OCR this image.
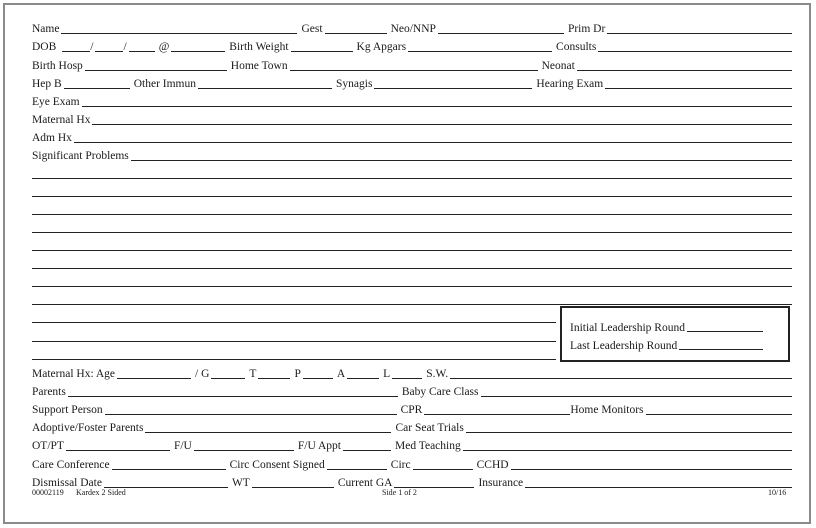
Name	Gest	Neo/NNP	Prim Dr
DOB	/	/	@	Birth Weight	Kg Apgars	Consults
Birth Hosp	Home Town	Neonat
Hep B	Other Immun	Synagis	Hearing Exam
Eye Exam
Maternal Hx
Adm Hx
Significant Problems
Initial Leadership Round
Last Leadership Round
Maternal Hx: Age	/ G	T	P	A	L	S.W.
Parents	Baby Care Class
Support Person	CPR	Home Monitors
Adoptive/Foster Parents	Car Seat Trials
OT/PT	F/U	F/U Appt	Med Teaching
Care Conference	Circ Consent Signed	Circ	CCHD
Dismissal Date	WT	Current GA	Insurance
00002119 Kardex 2 Sided	Side 1 of 2	10/16
